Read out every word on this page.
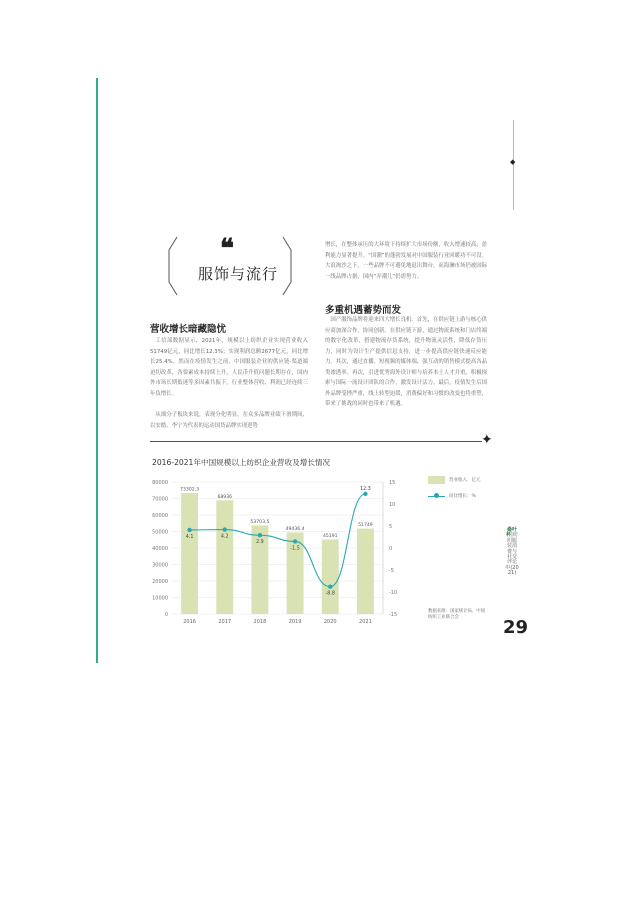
◆
❝
服饰与流行
营收增长暗藏隐忧

工信部数据显示，2021年，规模以上纺织企业实现营业收入51749亿元，同比增长12.3%；实现利润总额2677亿元，同比增长25.4%。然而在疫情发生之前，中国服装企业的供应链·渠道端迫切改革，各要素成本持续上升，人民币升值问题长期存在，国内外市场长期低迷等多因素共振下，行业整体营收、利润已经连续三年负增长。

从细分子板块来说，表现分化明显，在众多品牌业绩下滑期间，以安踏、李宁为代表的运动国货品牌实现逆势

增长，在整体承压的大环境下持续扩大市场份额，收入增速较高，盈利能力显著提升。“国潮”的蓬勃发展对中国服装行业回暖功不可没。大浪淘沙之下，一些品牌不可避免地退出舞台，而海澜市场仍被国际一线品牌占据，国内“弄潮儿”仍需努力。

多重机遇蓄势而发

国产服饰品牌将迎来四大增长良机：首先，在供应链上游与核心供应商加深合作，协同创新。在供应链下游，通过物流系统和门店终端的数字化改革，搭建物流存货系统，提升物流灵活性，降低存货压力，同时为设计生产提供信息支持，进一步提高供应链快速反应能力。其次，通过直播、短视频的媒体端、强互动的销售模式提高各品类渗透率。再次，引进优秀海外设计师与培养本土人才并重，积极探索与国际一流设计团队的合作，激发设计活力。最后，疫情发生后国外品牌受挫严重，线上转型迫缓，消费偏好和习惯的改变也将重塑，带来了挑战的同时也带来了机遇。

✦

2016-2021年中国规模以上纺织企业营收及增长情况

0
10000
20000
30000
40000
50000
60000
70000
80000
-15
-10
-5
0
5
10
15
73302.3
68936
53703.5
49436.4
45191
51749
2016	2017	2018	2019	2020	2021
4.1	4.2
2.9
-1.5
-8.8
12.3
营业收入：亿元
同比增长：%

数据来源：国家统计局、中国纺织工业联合会

桑叶杯|纺织服装消费与社交评论中(2021)
29
